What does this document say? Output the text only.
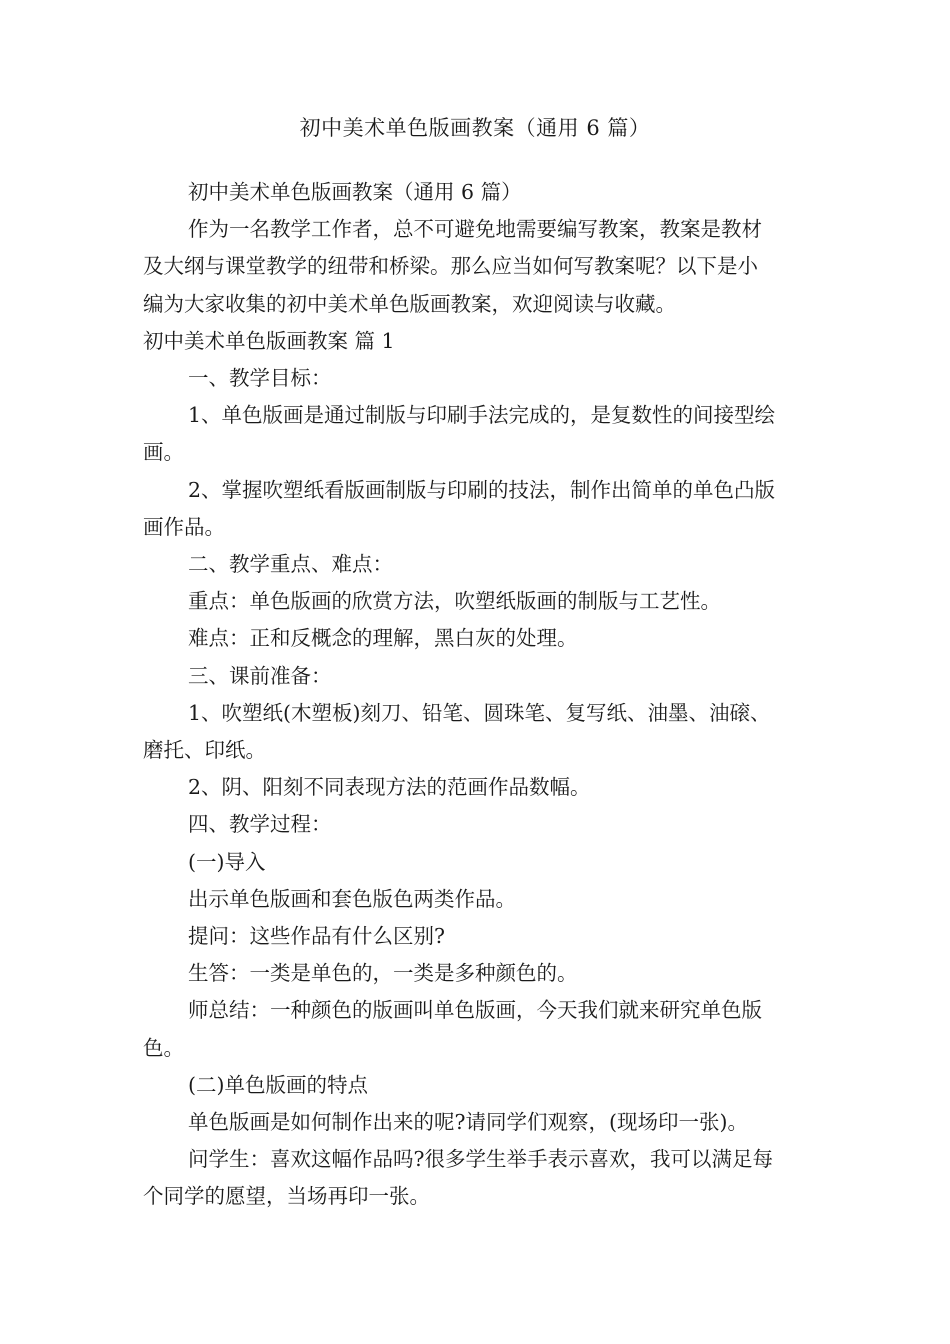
初中美术单色版画教案（通用 6 篇）

初中美术单色版画教案（通用 6 篇）

作为一名教学工作者，总不可避免地需要编写教案，教案是教材

及大纲与课堂教学的纽带和桥梁。那么应当如何写教案呢？以下是小

编为大家收集的初中美术单色版画教案，欢迎阅读与收藏。

初中美术单色版画教案 篇 1

一、教学目标：

1、单色版画是通过制版与印刷手法完成的，是复数性的间接型绘

画。

2、掌握吹塑纸看版画制版与印刷的技法，制作出简单的单色凸版

画作品。

二、教学重点、难点：

重点：单色版画的欣赏方法，吹塑纸版画的制版与工艺性。

难点：正和反概念的理解，黑白灰的处理。

三、课前准备：

1、吹塑纸(木塑板)刻刀、铅笔、圆珠笔、复写纸、油墨、油磙、

磨托、印纸。

2、阴、阳刻不同表现方法的范画作品数幅。

四、教学过程：

(一)导入

出示单色版画和套色版色两类作品。

提问：这些作品有什么区别?

生答：一类是单色的，一类是多种颜色的。

师总结：一种颜色的版画叫单色版画，今天我们就来研究单色版

色。

(二)单色版画的特点

单色版画是如何制作出来的呢?请同学们观察，(现场印一张)。

问学生：喜欢这幅作品吗?很多学生举手表示喜欢，我可以满足每

个同学的愿望，当场再印一张。
